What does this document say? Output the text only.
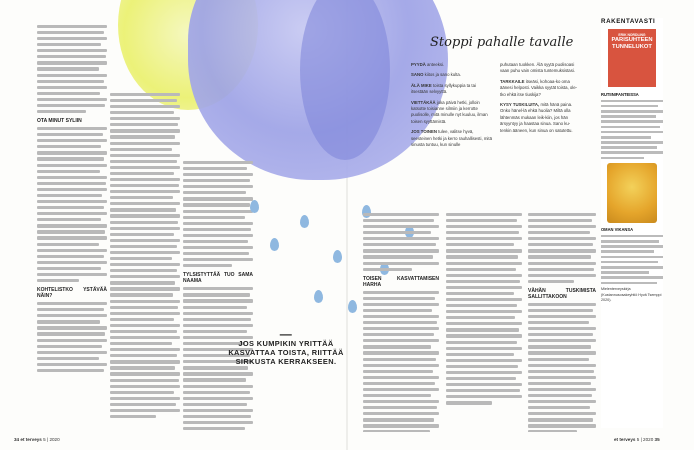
OTA MINUT SYLIIN
KOHTELISTKO YSTÄVÄÄ NÄIN?
TYLSISTYTTÄÄ TUO SAMA NAAMA
—
JOS KUMPIKIN YRITTÄÄ KASVATTAA TOISTA, RIITTÄÄ SIRKUSTA KERRAKSEEN.
Stoppi pahalle tavalle
PYYDÄ anteeksi.
SANO kiitos ja sano kulta.
ÄLÄ MIKE toista syllykuppia ta tai itsestään selvyyttä.
VIETTÄKÄÄ joka päivä hetki, jolloin katsotte toisianne silmiin ja kerrotte puolisolle, mitä minulle nyt kuuluu, ilman toisen syyttämistä.
JOS TOINEN tulee, valitse hyvä, seesteinen hetki ja kerro rauhallisesti, mitä sinusta tuntuu, kun sinulle
puhutaan tuokken. Älä syytä puolisoasi vaan puhu vain omista tuntemuksistasi.
TARKKAILE itseäsi, kohoaa-ko oma äänesi helposti. Vaikka syytät toista, ole-tko ehkä itse tiuskija?
KYSY TUSKILUITA, mitä hänä paina. Onko hänel-lä ehkä huolia? Miltä olla lähtenmäs mukaan leik-kiin, jos hän ärsyyntyy ja haastaa sinua. Sano ku-tenkin ääneen, kun sinua on satutettu.
TOISEN KASVATTAMISEN HARHA
VÄHÄN TUSKIMISTA SALLITTAKOON
RAKENTAVASTI
ERIK NORDLING
PARISUHTEEN
TUNNELUKOT
RUTIINIFANTEISSA
OMAN VIKANSA
Mielenterveyskirja (Kustannusosakeyhtiö Hyvä Tsemppi 2020).
34 et terveys 5 | 2020	et terveys 5 | 2020 35
